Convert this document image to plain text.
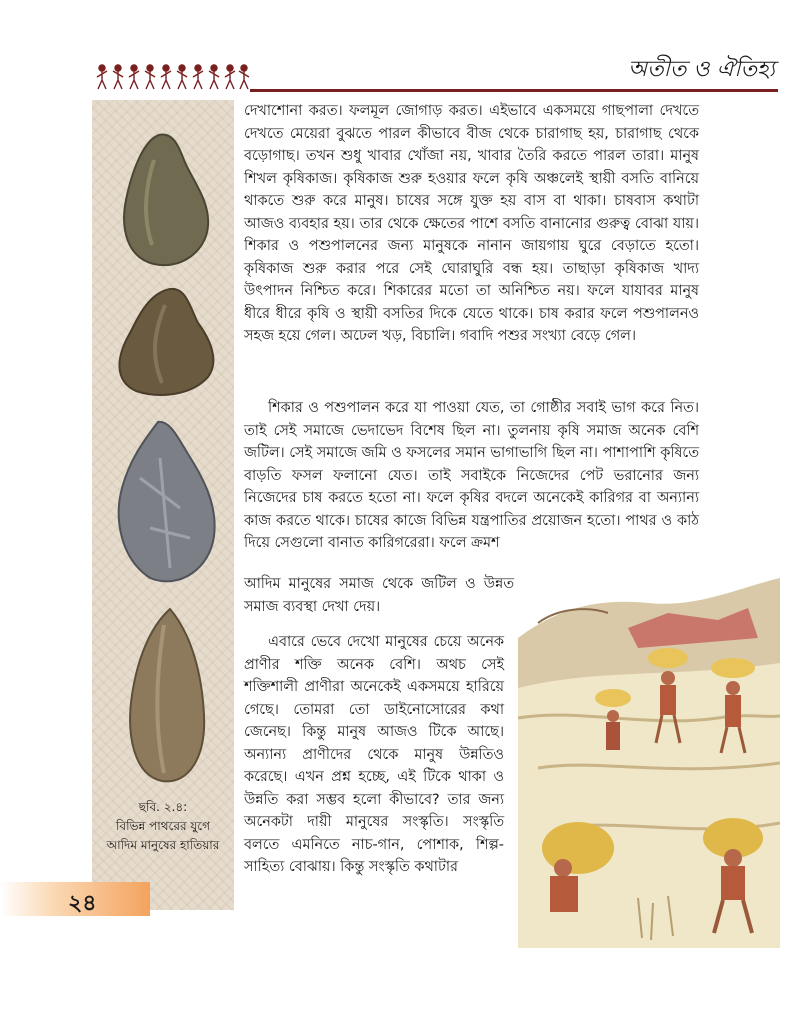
অতীত ও ঐতিহ্য
ছবি. ২.৪:
বিভিন্ন পাথরের যুগে
আদিম মানুষের হাতিয়ার
২৪

দেখাশোনা করত। ফলমূল জোগাড় করত। এইভাবে একসময়ে গাছপালা দেখতে দেখতে মেয়েরা বুঝতে পারল কীভাবে বীজ থেকে চারাগাছ হয়, চারাগাছ থেকে বড়োগাছ। তখন শুধু খাবার খোঁজা নয়, খাবার তৈরি করতে পারল তারা। মানুষ শিখল কৃষিকাজ। কৃষিকাজ শুরু হওয়ার ফলে কৃষি অঞ্চলেই স্থায়ী বসতি বানিয়ে থাকতে শুরু করে মানুষ। চাষের সঙ্গে যুক্ত হয় বাস বা থাকা। চাষবাস কথাটা আজও ব্যবহার হয়। তার থেকে ক্ষেতের পাশে বসতি বানানোর গুরুত্ব বোঝা যায়। শিকার ও পশুপালনের জন্য মানুষকে নানান জায়গায় ঘুরে বেড়াতে হতো। কৃষিকাজ শুরু করার পরে সেই ঘোরাঘুরি বন্ধ হয়। তাছাড়া কৃষিকাজ খাদ্য উৎপাদন নিশ্চিত করে। শিকারের মতো তা অনিশ্চিত নয়। ফলে যাযাবর মানুষ ধীরে ধীরে কৃষি ও স্থায়ী বসতির দিকে যেতে থাকে। চাষ করার ফলে পশুপালনও সহজ হয়ে গেল। অঢেল খড়, বিচালি। গবাদি পশুর সংখ্যা বেড়ে গেল।

শিকার ও পশুপালন করে যা পাওয়া যেত, তা গোষ্ঠীর সবাই ভাগ করে নিত। তাই সেই সমাজে ভেদাভেদ বিশেষ ছিল না। তুলনায় কৃষি সমাজ অনেক বেশি জটিল। সেই সমাজে জমি ও ফসলের সমান ভাগাভাগি ছিল না। পাশাপাশি কৃষিতে বাড়তি ফসল ফলানো যেত। তাই সবাইকে নিজেদের পেট ভরানোর জন্য নিজেদের চাষ করতে হতো না। ফলে কৃষির বদলে অনেকেই কারিগর বা অন্যান্য কাজ করতে থাকে। চাষের কাজে বিভিন্ন যন্ত্রপাতির প্রয়োজন হতো। পাথর ও কাঠ দিয়ে সেগুলো বানাত কারিগরেরা। ফলে ক্রমশ

আদিম মানুষের সমাজ থেকে জটিল ও উন্নত সমাজ ব্যবস্থা দেখা দেয়।

এবারে ভেবে দেখো মানুষের চেয়ে অনেক প্রাণীর শক্তি অনেক বেশি। অথচ সেই শক্তিশালী প্রাণীরা অনেকেই একসময়ে হারিয়ে গেছে। তোমরা তো ডাইনোসোরের কথা জেনেছ। কিন্তু মানুষ আজও টিকে আছে। অন্যান্য প্রাণীদের থেকে মানুষ উন্নতিও করেছে। এখন প্রশ্ন হচ্ছে, এই টিকে থাকা ও উন্নতি করা সম্ভব হলো কীভাবে? তার জন্য অনেকটা দায়ী মানুষের সংস্কৃতি। সংস্কৃতি বলতে এমনিতে নাচ-গান, পোশাক, শিল্প-সাহিত্য বোঝায়। কিন্তু সংস্কৃতি কথাটার
